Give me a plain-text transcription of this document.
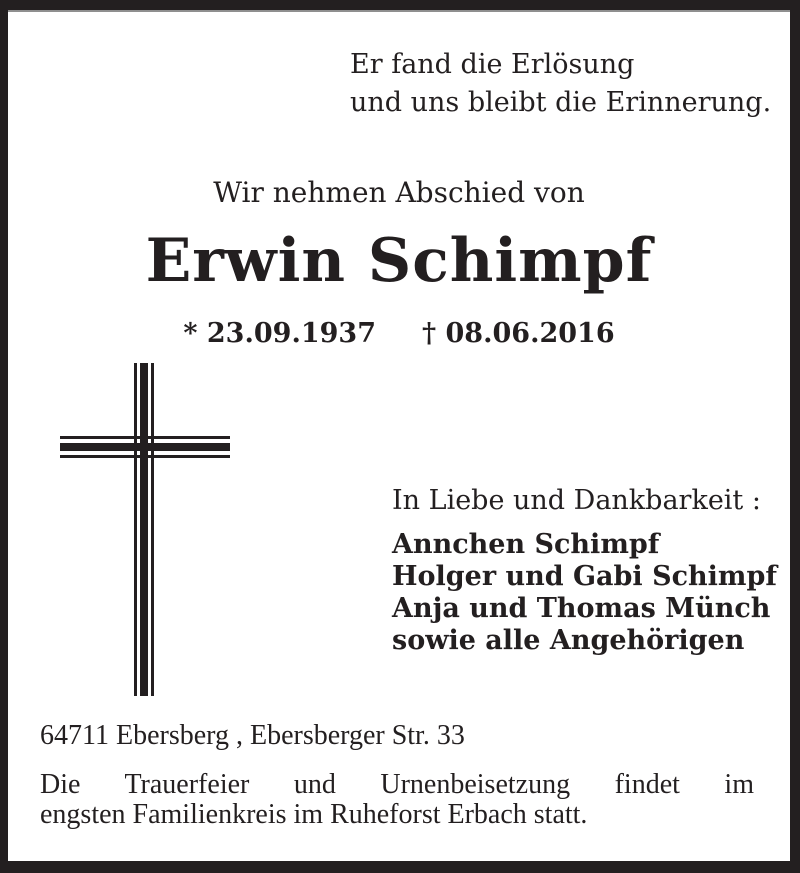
Er fand die Erlösung
und uns bleibt die Erinnerung.
Wir nehmen Abschied von
Erwin Schimpf
* 23.09.1937 † 08.06.2016
In Liebe und Dankbarkeit :
Annchen Schimpf
Holger und Gabi Schimpf
Anja und Thomas Münch
sowie alle Angehörigen
64711 Ebersberg , Ebersberger Str. 33
Die Trauerfeier und Urnenbeisetzung findet im
engsten Familienkreis im Ruheforst Erbach statt.
